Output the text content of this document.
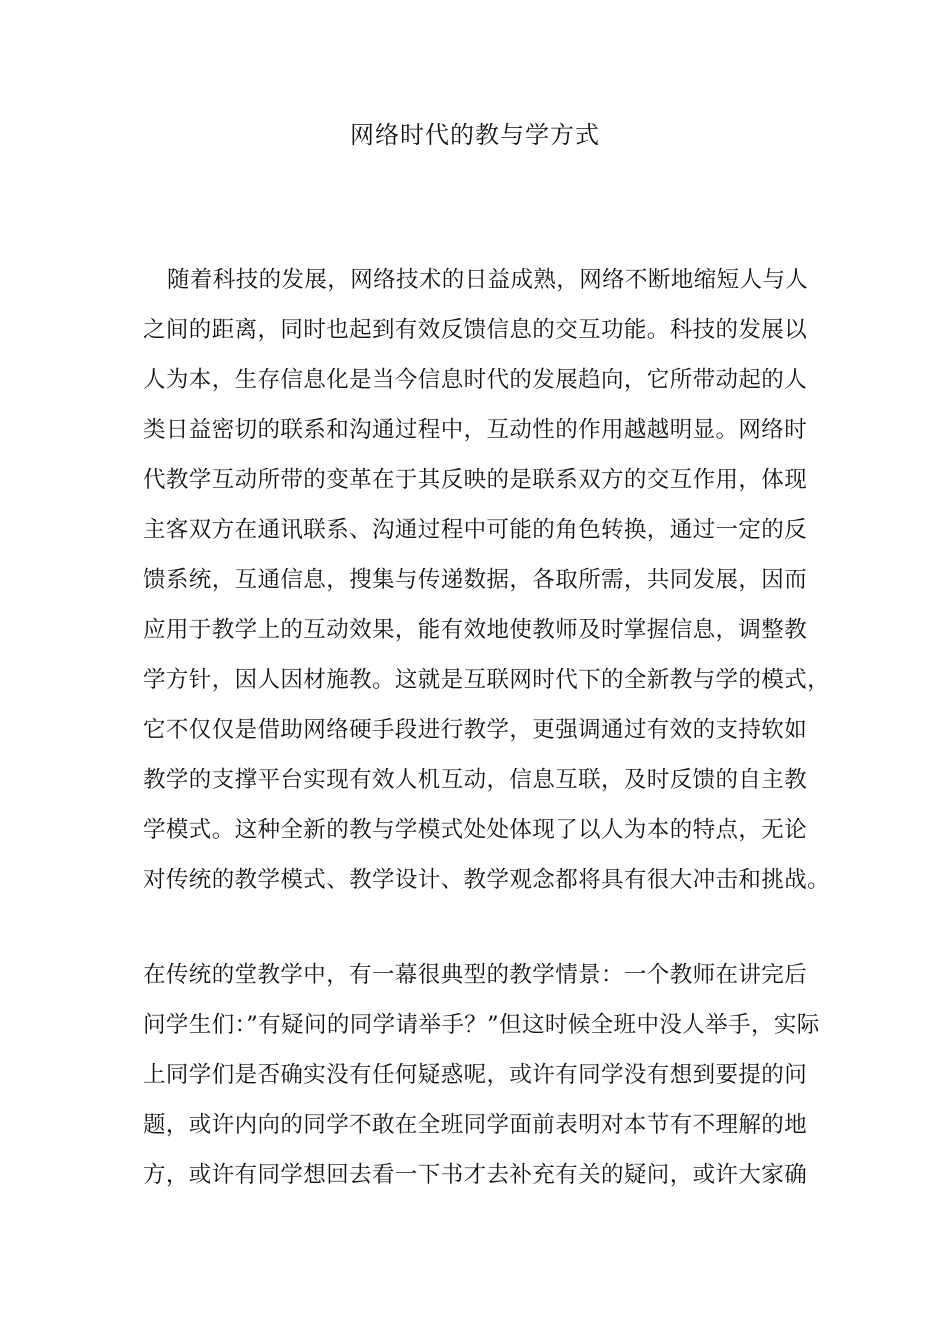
网络时代的教与学方式
随着科技的发展，网络技术的日益成熟，网络不断地缩短人与人
之间的距离，同时也起到有效反馈信息的交互功能。科技的发展以
人为本，生存信息化是当今信息时代的发展趋向，它所带动起的人
类日益密切的联系和沟通过程中，互动性的作用越越明显。网络时
代教学互动所带的变革在于其反映的是联系双方的交互作用，体现
主客双方在通讯联系、沟通过程中可能的角色转换，通过一定的反
馈系统，互通信息，搜集与传递数据，各取所需，共同发展，因而
应用于教学上的互动效果，能有效地使教师及时掌握信息，调整教
学方针，因人因材施教。这就是互联网时代下的全新教与学的模式，
它不仅仅是借助网络硬手段进行教学，更强调通过有效的支持软如
教学的支撑平台实现有效人机互动，信息互联，及时反馈的自主教
学模式。这种全新的教与学模式处处体现了以人为本的特点，无论
对传统的教学模式、教学设计、教学观念都将具有很大冲击和挑战。
在传统的堂教学中，有一幕很典型的教学情景：一个教师在讲完后
问学生们：”有疑问的同学请举手？”但这时候全班中没人举手，实际
上同学们是否确实没有任何疑惑呢，或许有同学没有想到要提的问
题，或许内向的同学不敢在全班同学面前表明对本节有不理解的地
方，或许有同学想回去看一下书才去补充有关的疑问，或许大家确
